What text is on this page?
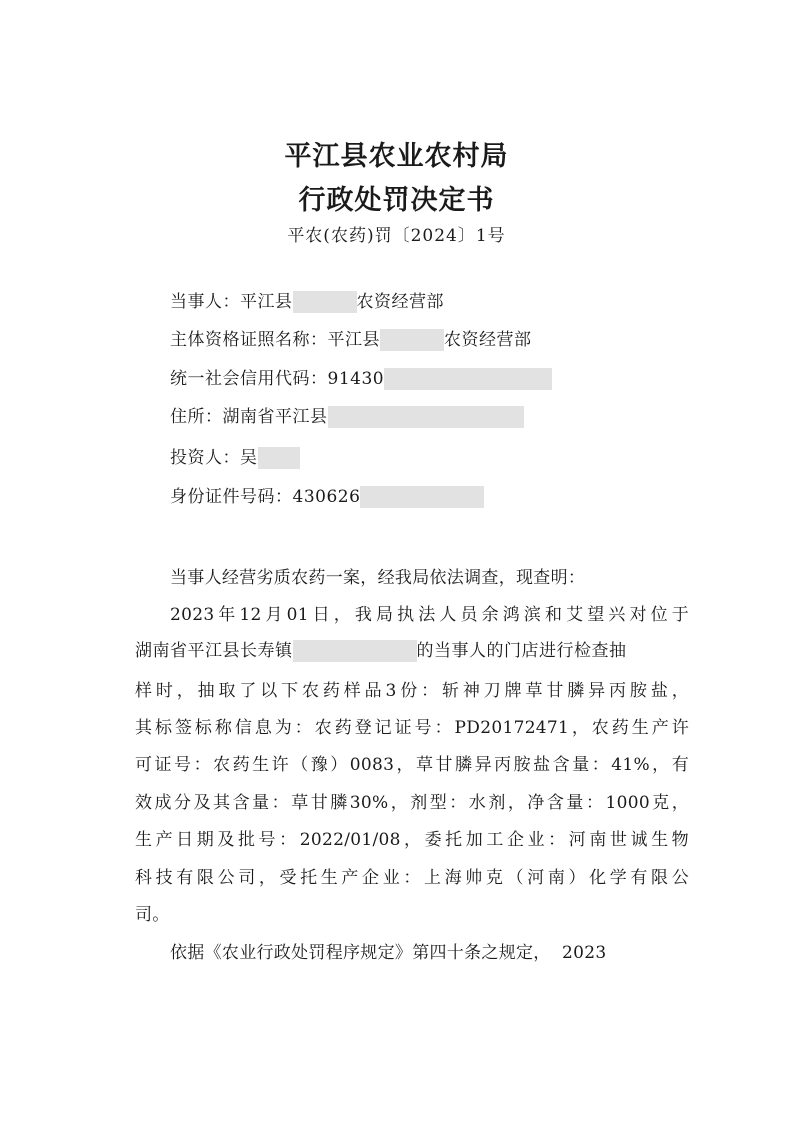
平江县农业农村局
行政处罚决定书
平农(农药)罚〔2024〕1号
当事人：平江县	农资经营部
主体资格证照名称：平江县	农资经营部
统一社会信用代码：91430
住所：湖南省平江县
投资人：吴
身份证件号码：430626
当事人经营劣质农药一案，经我局依法调查，现查明：
2023年12月01日，我局执法人员余鸿滨和艾望兴对位于
湖南省平江县长寿镇	的当事人的门店进行检查抽
样时，抽取了以下农药样品3份：斩神刀牌草甘膦异丙胺盐，
其标签标称信息为：农药登记证号：PD20172471，农药生产许
可证号：农药生许（豫）0083，草甘膦异丙胺盐含量：41%，有
效成分及其含量：草甘膦30%，剂型：水剂，净含量：1000克，
生产日期及批号：2022/01/08，委托加工企业：河南世诚生物
科技有限公司，受托生产企业：上海帅克（河南）化学有限公
司。
依据《农业行政处罚程序规定》第四十条之规定，  2023
